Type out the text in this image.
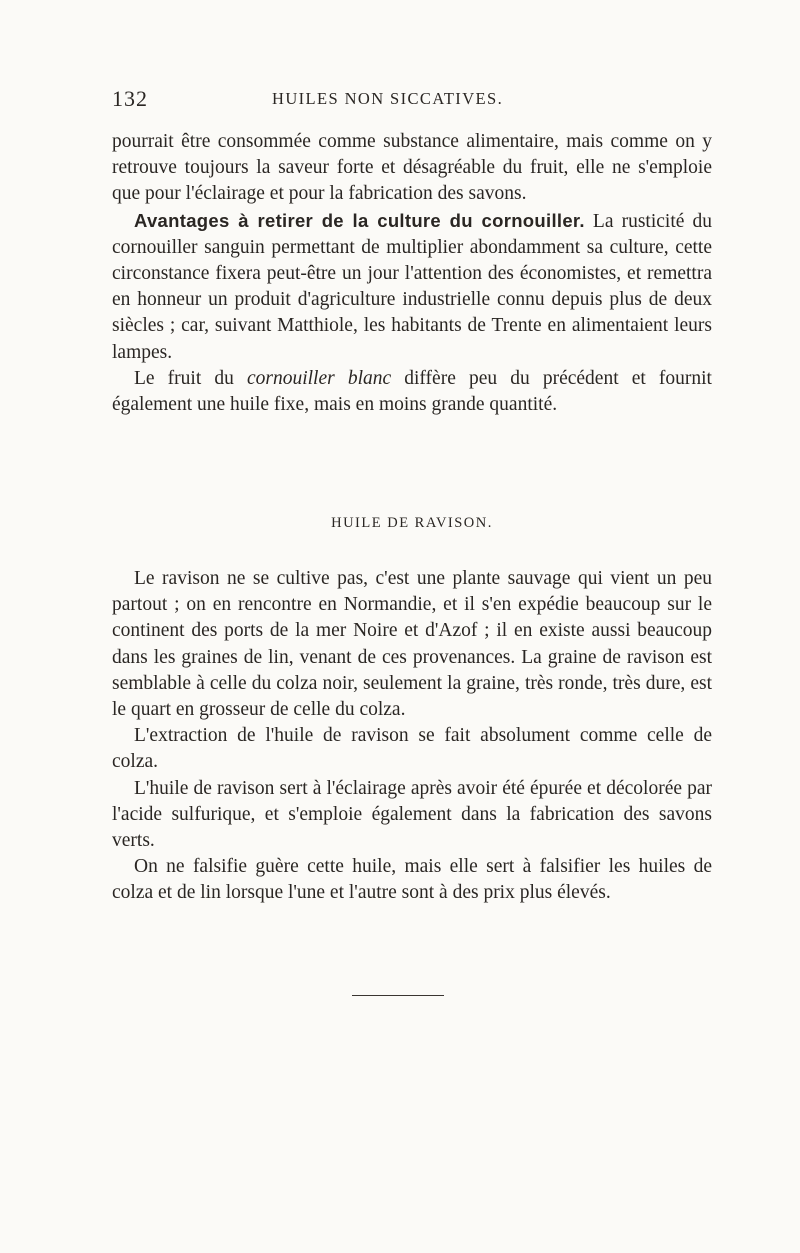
132	HUILES NON SICCATIVES.

pourrait être consommée comme substance alimentaire, mais comme on y retrouve toujours la saveur forte et désagréable du fruit, elle ne s'emploie que pour l'éclairage et pour la fabrication des savons.

Avantages à retirer de la culture du cornouiller. La rusticité du cornouiller sanguin permettant de multiplier abondamment sa culture, cette circonstance fixera peut-être un jour l'attention des économistes, et remettra en honneur un produit d'agriculture industrielle connu depuis plus de deux siècles ; car, suivant Matthiole, les habitants de Trente en alimentaient leurs lampes.

Le fruit du cornouiller blanc diffère peu du précédent et fournit également une huile fixe, mais en moins grande quantité.

HUILE DE RAVISON.

Le ravison ne se cultive pas, c'est une plante sauvage qui vient un peu partout ; on en rencontre en Normandie, et il s'en expédie beaucoup sur le continent des ports de la mer Noire et d'Azof ; il en existe aussi beaucoup dans les graines de lin, venant de ces provenances. La graine de ravison est semblable à celle du colza noir, seulement la graine, très ronde, très dure, est le quart en grosseur de celle du colza.

L'extraction de l'huile de ravison se fait absolument comme celle de colza.

L'huile de ravison sert à l'éclairage après avoir été épurée et décolorée par l'acide sulfurique, et s'emploie également dans la fabrication des savons verts.

On ne falsifie guère cette huile, mais elle sert à falsifier les huiles de colza et de lin lorsque l'une et l'autre sont à des prix plus élevés.
